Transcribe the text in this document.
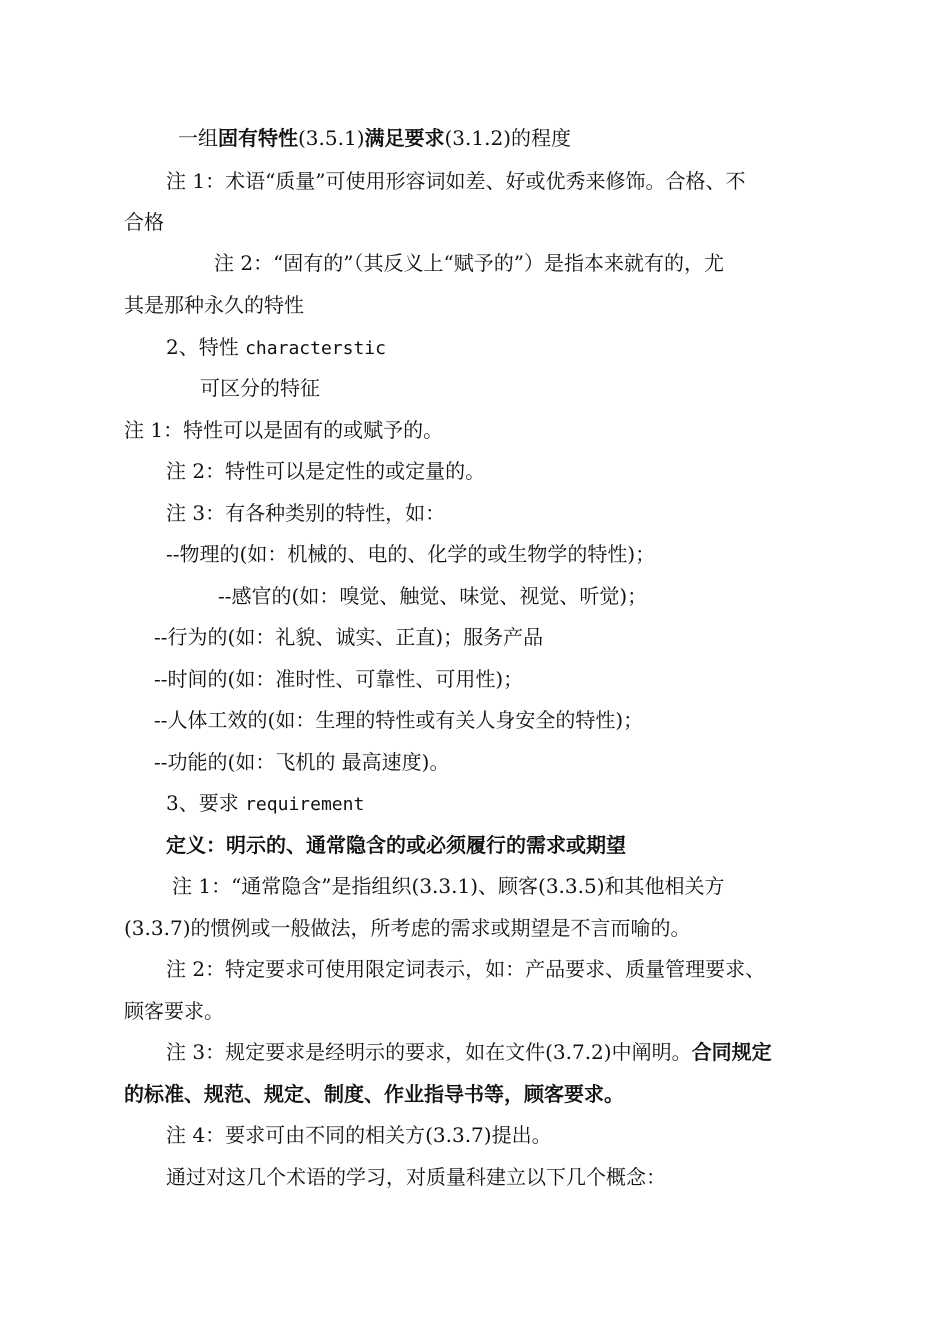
一组固有特性(3.5.1)满足要求(3.1.2)的程度
注 1：术语“质量”可使用形容词如差、好或优秀来修饰。合格、不
合格
注 2：“固有的”（其反义上“赋予的”）是指本来就有的，尤
其是那种永久的特性
2、特性 characterstic
可区分的特征
注 1：特性可以是固有的或赋予的。
注 2：特性可以是定性的或定量的。
注 3：有各种类别的特性，如：
--物理的(如：机械的、电的、化学的或生物学的特性)；
--感官的(如：嗅觉、触觉、味觉、视觉、听觉)；
--行为的(如：礼貌、诚实、正直)；服务产品
--时间的(如：准时性、可靠性、可用性)；
--人体工效的(如：生理的特性或有关人身安全的特性)；
--功能的(如：飞机的 最高速度)。
3、要求 requirement
定义：明示的、通常隐含的或必须履行的需求或期望
注 1：“通常隐含”是指组织(3.3.1)、顾客(3.3.5)和其他相关方
(3.3.7)的惯例或一般做法，所考虑的需求或期望是不言而喻的。
注 2：特定要求可使用限定词表示，如：产品要求、质量管理要求、
顾客要求。
注 3：规定要求是经明示的要求，如在文件(3.7.2)中阐明。合同规定
的标准、规范、规定、制度、作业指导书等，顾客要求。
注 4：要求可由不同的相关方(3.3.7)提出。
通过对这几个术语的学习，对质量科建立以下几个概念：
